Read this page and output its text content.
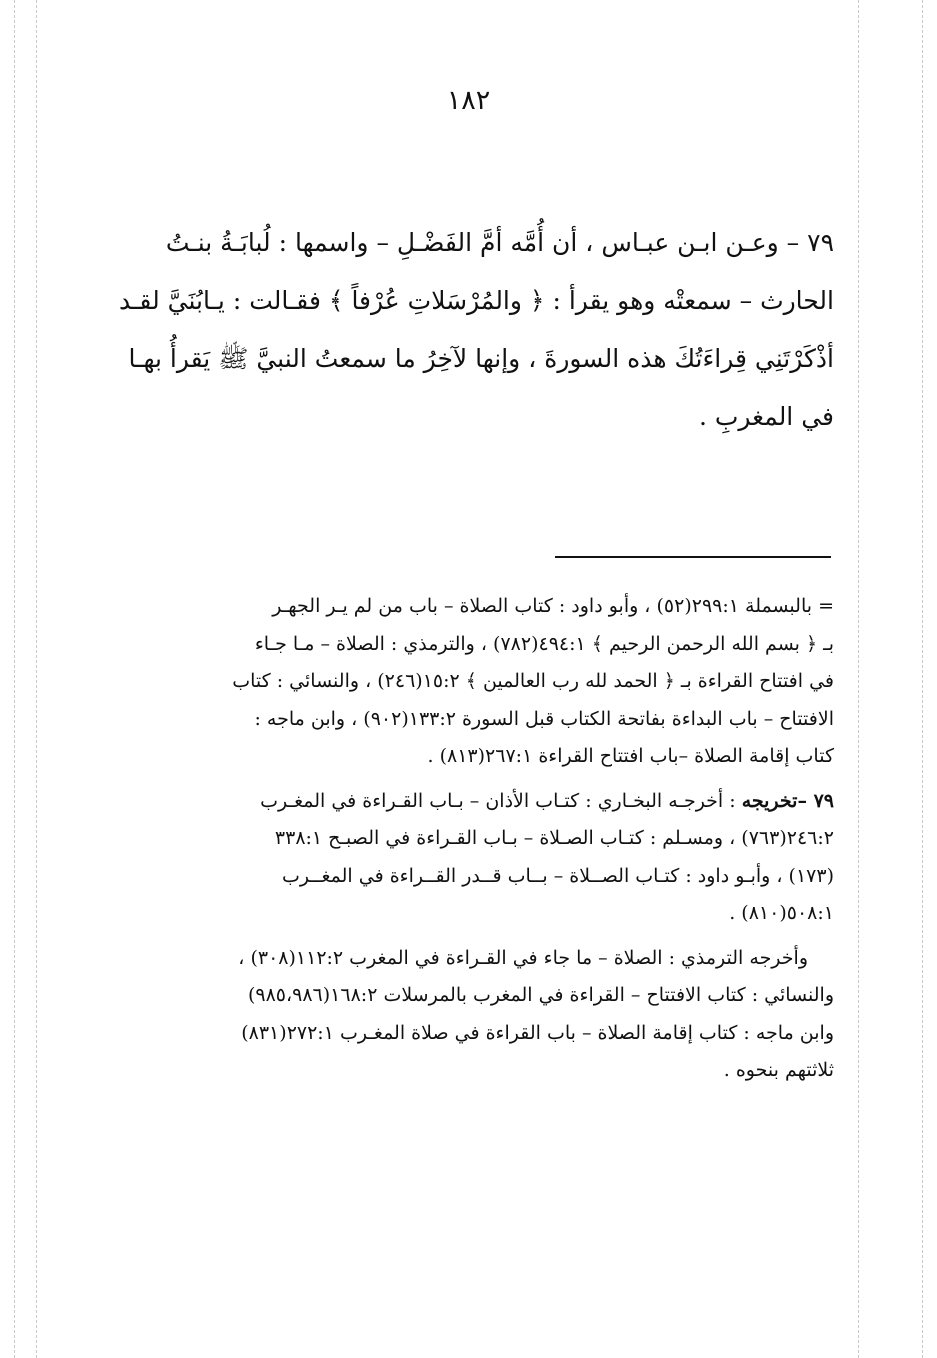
١٨٢
٧٩ – وعـن ابـن عبـاس ، أن أُمَّه أمَّ الفَضْـلِ – واسمها : لُبابَـةُ بنـتُ
الحارث – سمعتْه وهو يقرأ : ﴿ والمُرْسَلاتِ عُرْفاً ﴾ فقـالت : يـابُنَيَّ لقـد
أذْكَرْتَنِي قِراءَتُكَ هذه السورةَ ، وإنها لآخِرُ ما سمعتُ النبيَّ ﷺ يَقرأُ بهـا
في المغربِ .
= بالبسملة ٢٩٩:١(٥٢) ، وأبو داود : كتاب الصلاة – باب من لم يـر الجهـر
بـ ﴿ بسم الله الرحمن الرحيم ﴾ ٤٩٤:١(٧٨٢) ، والترمذي : الصلاة – مـا جـاء
في افتتاح القراءة بـ ﴿ الحمد لله رب العالمين ﴾ ١٥:٢(٢٤٦) ، والنسائي : كتاب
الافتتاح – باب البداءة بفاتحة الكتاب قبل السورة ١٣٣:٢(٩٠٢) ، وابن ماجه :
كتاب إقامة الصلاة –باب افتتاح القراءة ٢٦٧:١(٨١٣) .
٧٩ –تخريجه : أخرجـه البخـاري : كتـاب الأذان – بـاب القـراءة في المغـرب
٢٤٦:٢(٧٦٣) ، ومسـلم : كتـاب الصـلاة – بـاب القـراءة في الصبـح ٣٣٨:١
(١٧٣) ، وأبـو داود : كتـاب الصــلاة – بــاب قــدر القــراءة في المغــرب
٥٠٨:١(٨١٠) .
وأخرجه الترمذي : الصلاة – ما جاء في القـراءة في المغرب ١١٢:٢(٣٠٨) ،
والنسائي : كتاب الافتتاح – القراءة في المغرب بالمرسلات ١٦٨:٢(٩٨٥،٩٨٦)
وابن ماجه : كتاب إقامة الصلاة – باب القراءة في صلاة المغـرب ٢٧٢:١(٨٣١)
ثلاثتهم بنحوه .
